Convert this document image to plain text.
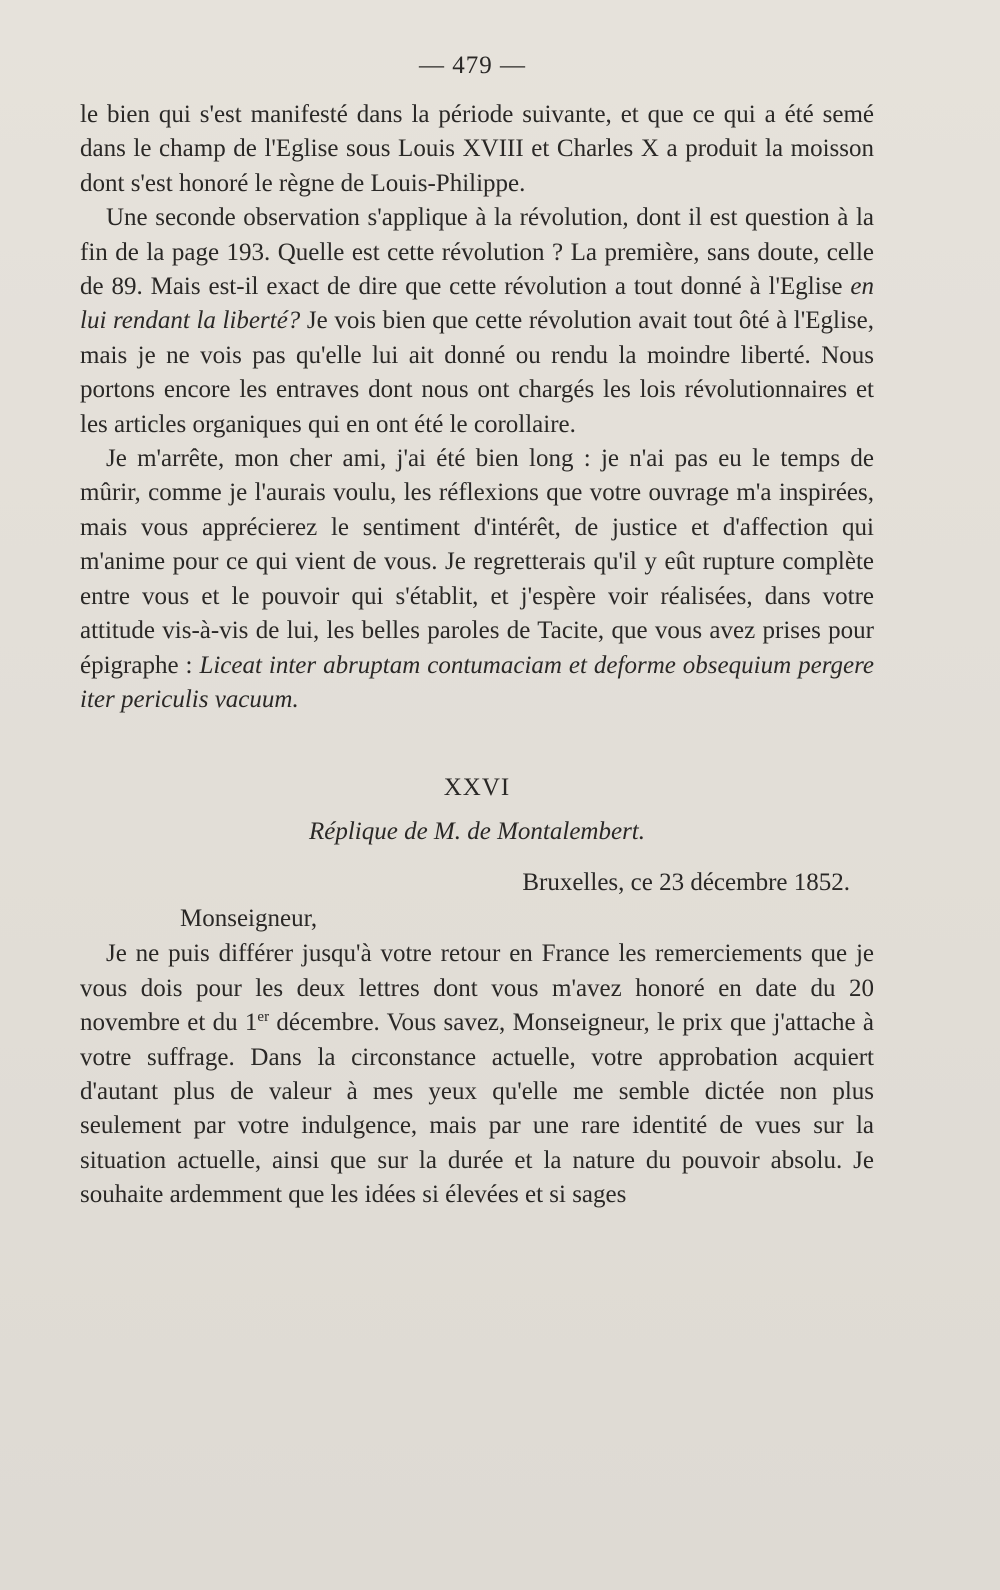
— 479 —

le bien qui s'est manifesté dans la période suivante, et que ce qui a été semé dans le champ de l'Eglise sous Louis XVIII et Charles X a produit la moisson dont s'est honoré le règne de Louis-Philippe.

Une seconde observation s'applique à la révolution, dont il est question à la fin de la page 193. Quelle est cette révolution ? La première, sans doute, celle de 89. Mais est-il exact de dire que cette révolution a tout donné à l'Eglise en lui rendant la liberté? Je vois bien que cette révolution avait tout ôté à l'Eglise, mais je ne vois pas qu'elle lui ait donné ou rendu la moindre liberté. Nous portons encore les entraves dont nous ont chargés les lois révolutionnaires et les articles organiques qui en ont été le corollaire.

Je m'arrête, mon cher ami, j'ai été bien long : je n'ai pas eu le temps de mûrir, comme je l'aurais voulu, les réflexions que votre ouvrage m'a inspirées, mais vous apprécierez le sentiment d'intérêt, de justice et d'affection qui m'anime pour ce qui vient de vous. Je regretterais qu'il y eût rupture complète entre vous et le pouvoir qui s'établit, et j'espère voir réalisées, dans votre attitude vis-à-vis de lui, les belles paroles de Tacite, que vous avez prises pour épigraphe : Liceat inter abruptam contumaciam et deforme obsequium pergere iter periculis vacuum.

XXVI
Réplique de M. de Montalembert.
Bruxelles, ce 23 décembre 1852.
Monseigneur,

Je ne puis différer jusqu'à votre retour en France les remerciements que je vous dois pour les deux lettres dont vous m'avez honoré en date du 20 novembre et du 1er décembre. Vous savez, Monseigneur, le prix que j'attache à votre suffrage. Dans la circonstance actuelle, votre approbation acquiert d'autant plus de valeur à mes yeux qu'elle me semble dictée non plus seulement par votre indulgence, mais par une rare identité de vues sur la situation actuelle, ainsi que sur la durée et la nature du pouvoir absolu. Je souhaite ardemment que les idées si élevées et si sages
